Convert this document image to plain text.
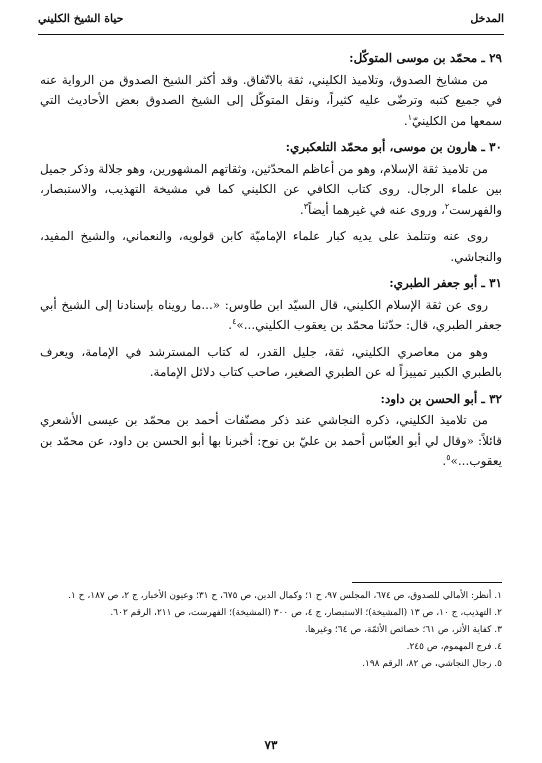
المدخل
حياة الشيخ الكليني
٢٩ ـ محمّد بن موسى المتوكّل:

من مشايخ الصدوق، وتلاميذ الكليني، ثقة بالاتّفاق. وقد أكثر الشيخ الصدوق من الرواية عنه في جميع كتبه وترضّى عليه كثيراً، ونقل المتوكّل إلى الشيخ الصدوق بعض الأحاديث التي سمعها من الكلينيّ$^١$.

٣٠ ـ هارون بن موسى، أبو محمّد التلعكبري:

من تلاميذ ثقة الإسلام، وهو من أعاظم المحدّثين، وثقاتهم المشهورين، وهو جلالة وذكر جميل بين علماء الرجال. روى كتاب الكافي عن الكليني كما في مشيخة التهذيب، والاستبصار، والفهرست$^٢$، وروى عنه في غيرهما أيضاً$^٣$.

روى عنه وتتلمذ على يديه كبار علماء الإماميّة كابن قولويه، والنعماني، والشيخ المفيد، والنجاشي.

٣١ ـ أبو جعفر الطبري:

روى عن ثقة الإسلام الكليني، قال السيّد ابن طاوس: «...ما رويناه بإسنادنا إلى الشيخ أبي جعفر الطبري، قال: حدّثنا محمّد بن يعقوب الكليني...»$^٤$.

وهو من معاصري الكليني، ثقة، جليل القدر، له كتاب المسترشد في الإمامة، ويعرف بالطبري الكبير تمييزاً له عن الطبري الصغير، صاحب كتاب دلائل الإمامة.

٣٢ ـ أبو الحسن بن داود:

من تلاميذ الكليني، ذكره النجاشي عند ذكر مصنّفات أحمد بن محمّد بن عيسى الأشعري قائلاً: «وقال لي أبو العبّاس أحمد بن عليّ بن نوح: أخبرنا بها أبو الحسن بن داود، عن محمّد بن يعقوب...»$^٥$.

١. أنظر: الأمالي للصدوق، ص ٦٧٤، المجلس ٩٧، ح ١؛ وكمال الدين، ص ٦٧٥، ح ٣١؛ وعيون الأخبار، ج ٢، ص ١٨٧، ح ١.
٢. التهذيب، ج ١٠، ص ١٣ (المشيخة)؛ الاستبصار، ج ٤، ص ٣٠٠ (المشيخة)؛ الفهرست، ص ٢١١، الرقم ٦٠٢.
٣. كفاية الأثر، ص ٦١؛ خصائص الأئمّة، ص ٦٤؛ وغيرها.
٤. فرج المهموم، ص ٢٤٥.
٥. رجال النجاشي، ص ٨٢، الرقم ١٩٨.
٧٣
